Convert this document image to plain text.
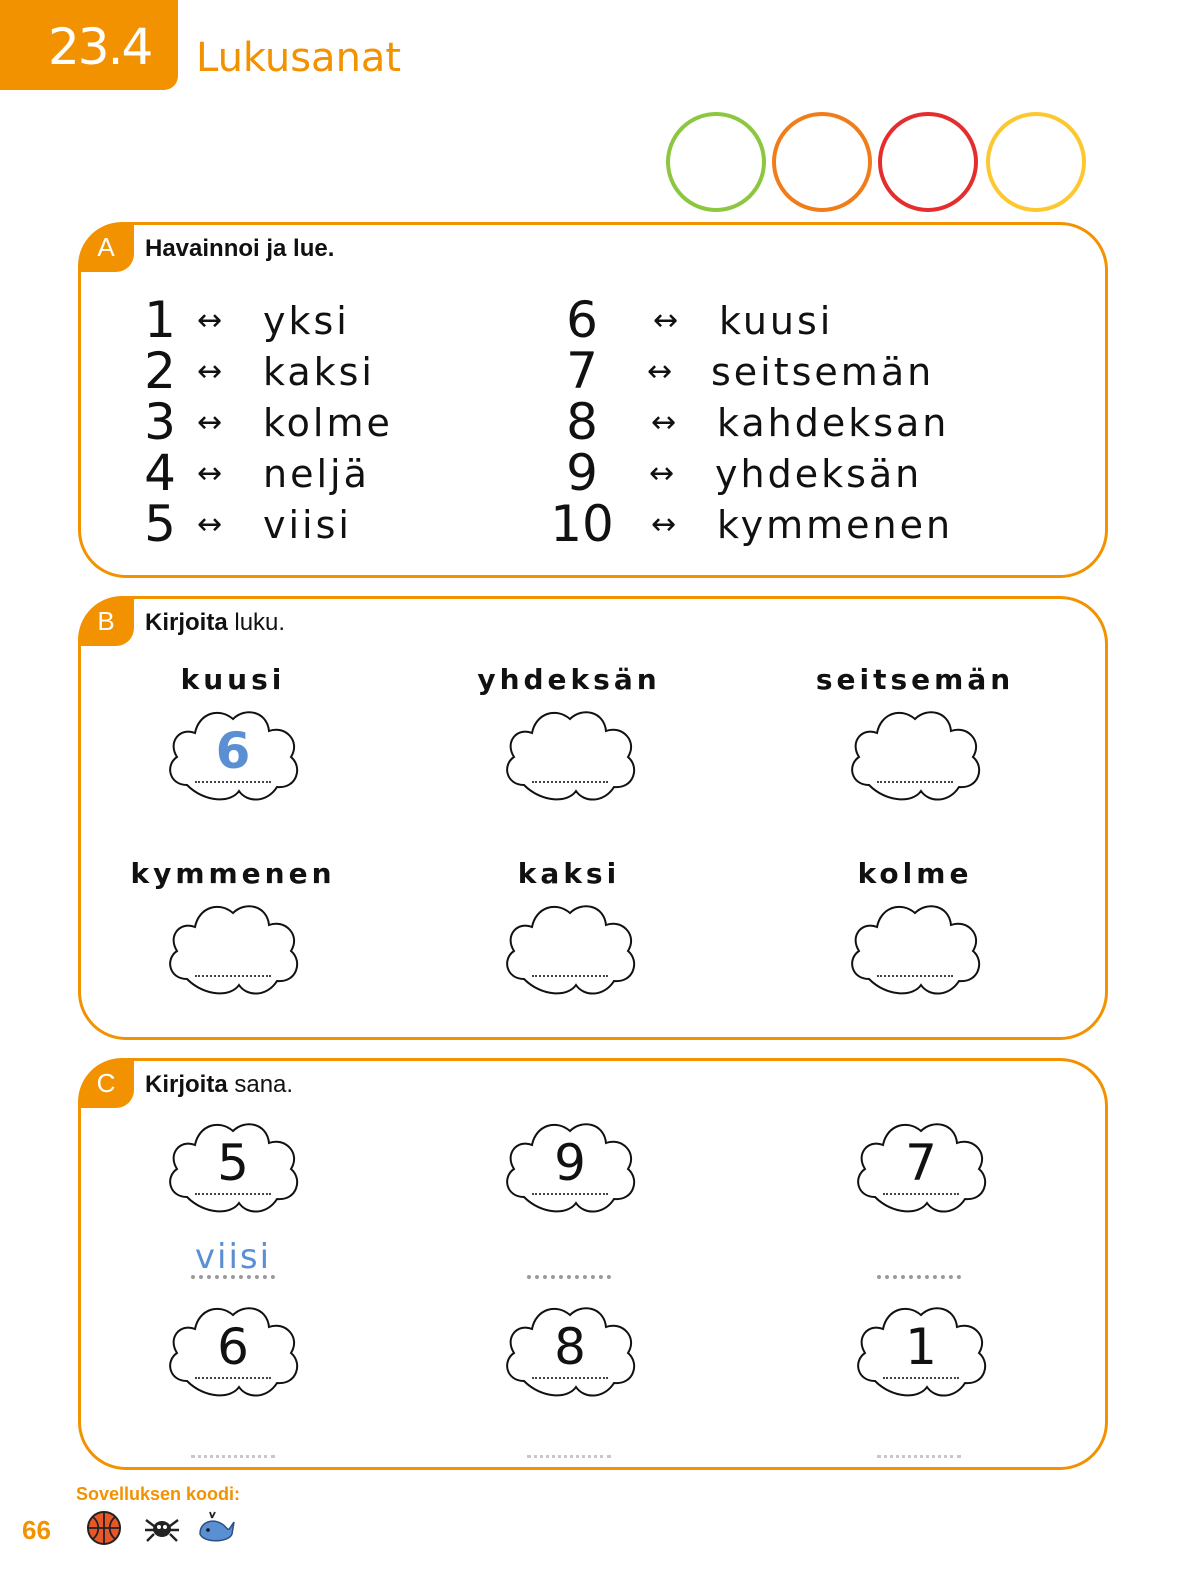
23.4 Lukusanat
A	Havainnoi ja lue.
1 ↔ yksi
2 ↔ kaksi
3 ↔ kolme
4 ↔ neljä
5 ↔ viisi
6	↔ kuusi
7	↔ seitsemän
8	↔ kahdeksan
9	↔ yhdeksän
10 ↔ kymmenen
B	Kirjoita luku.
kuusi	yhdeksän	seitsemän
6
kymmenen	kaksi	kolme
C	Kirjoita sana.
5	9	7
viisi
6	8	1
Sovelluksen koodi:
66
